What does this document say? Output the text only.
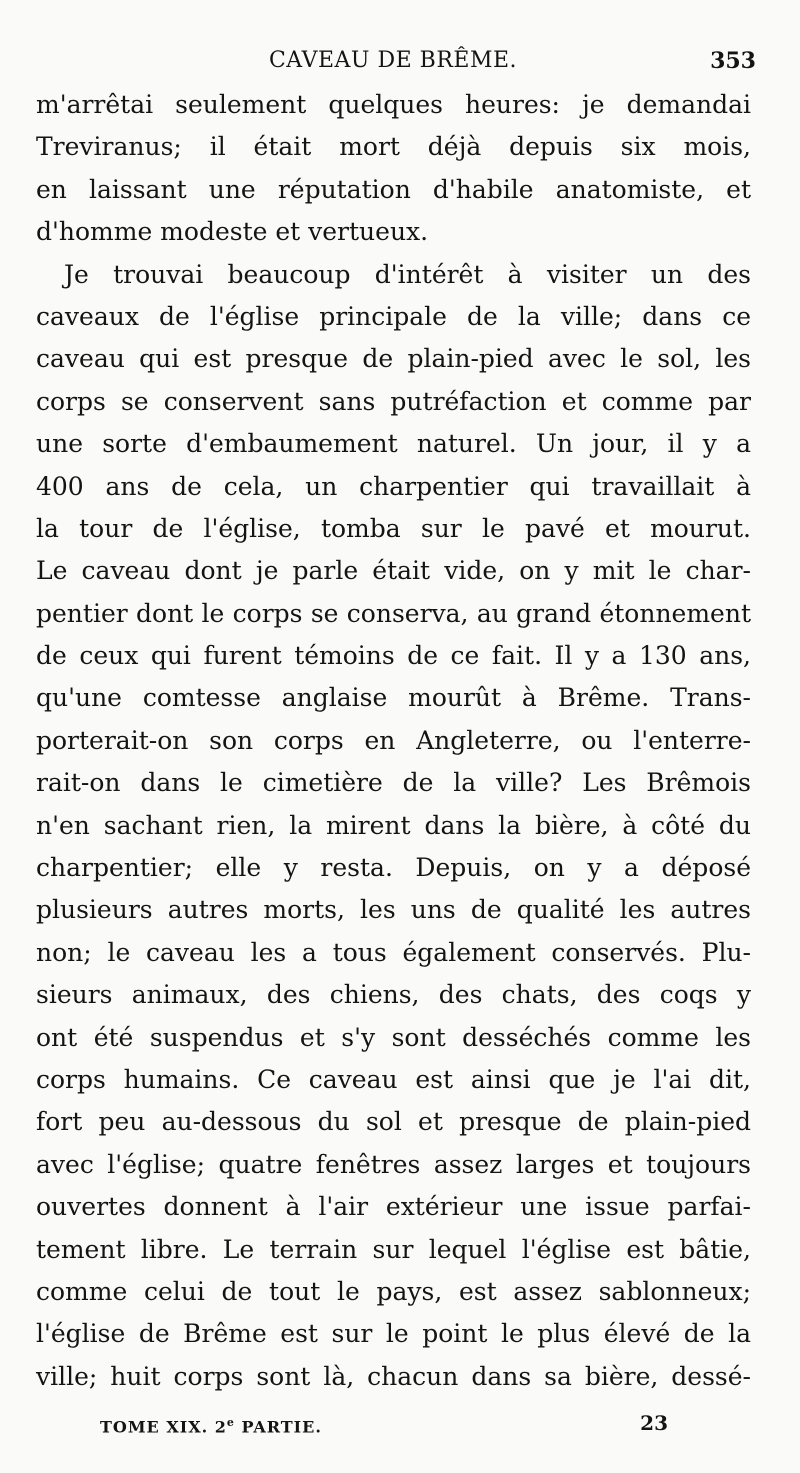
CAVEAU DE BRÊME.	353
m'arrêtai seulement quelques heures: je demandai
Treviranus; il était mort déjà depuis six mois,
en laissant une réputation d'habile anatomiste, et
d'homme modeste et vertueux.
Je trouvai beaucoup d'intérêt à visiter un des
caveaux de l'église principale de la ville; dans ce
caveau qui est presque de plain-pied avec le sol, les
corps se conservent sans putréfaction et comme par
une sorte d'embaumement naturel. Un jour, il y a
400 ans de cela, un charpentier qui travaillait à
la tour de l'église, tomba sur le pavé et mourut.
Le caveau dont je parle était vide, on y mit le char-
pentier dont le corps se conserva, au grand étonnement
de ceux qui furent témoins de ce fait. Il y a 130 ans,
qu'une comtesse anglaise mourût à Brême. Trans-
porterait-on son corps en Angleterre, ou l'enterre-
rait-on dans le cimetière de la ville? Les Brêmois
n'en sachant rien, la mirent dans la bière, à côté du
charpentier; elle y resta. Depuis, on y a déposé
plusieurs autres morts, les uns de qualité les autres
non; le caveau les a tous également conservés. Plu-
sieurs animaux, des chiens, des chats, des coqs y
ont été suspendus et s'y sont desséchés comme les
corps humains. Ce caveau est ainsi que je l'ai dit,
fort peu au-dessous du sol et presque de plain-pied
avec l'église; quatre fenêtres assez larges et toujours
ouvertes donnent à l'air extérieur une issue parfai-
tement libre. Le terrain sur lequel l'église est bâtie,
comme celui de tout le pays, est assez sablonneux;
l'église de Brême est sur le point le plus élevé de la
ville; huit corps sont là, chacun dans sa bière, dessé-
TOME XIX. 2e PARTIE.	23
